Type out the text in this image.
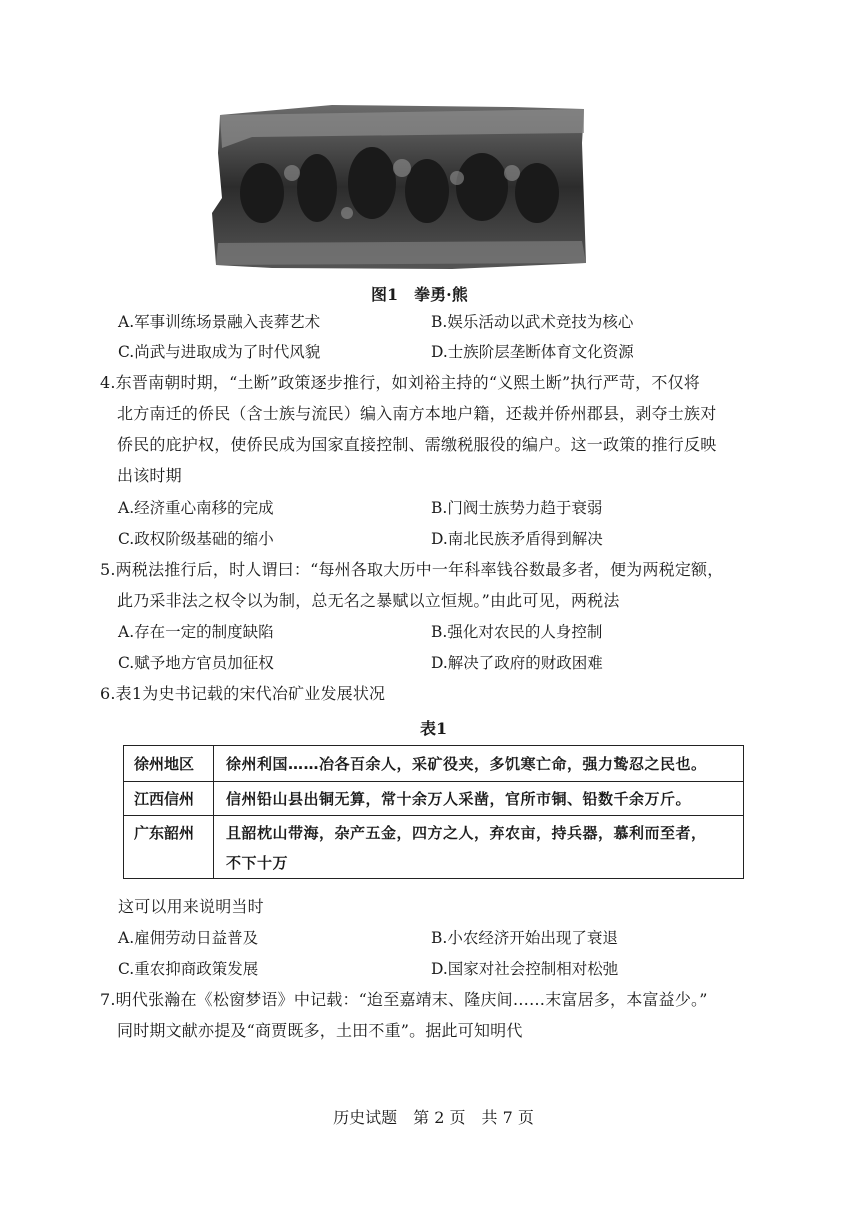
图1　拳勇·熊
A.军事训练场景融入丧葬艺术	B.娱乐活动以武术竞技为核心
C.尚武与进取成为了时代风貌	D.士族阶层垄断体育文化资源
4.东晋南朝时期，“土断”政策逐步推行，如刘裕主持的“义熙土断”执行严苛，不仅将
北方南迁的侨民（含士族与流民）编入南方本地户籍，还裁并侨州郡县，剥夺士族对
侨民的庇护权，使侨民成为国家直接控制、需缴税服役的编户。这一政策的推行反映
出该时期
A.经济重心南移的完成	B.门阀士族势力趋于衰弱
C.政权阶级基础的缩小	D.南北民族矛盾得到解决
5.两税法推行后，时人谓曰：“每州各取大历中一年科率钱谷数最多者，便为两税定额，
此乃采非法之权令以为制，总无名之暴赋以立恒规。”由此可见，两税法
A.存在一定的制度缺陷	B.强化对农民的人身控制
C.赋予地方官员加征权	D.解决了政府的财政困难
6.表1为史书记载的宋代冶矿业发展状况
表1
徐州地区 徐州利国……冶各百余人，采矿役夹，多饥寒亡命，强力鸷忍之民也。
江西信州 信州铅山县出铜无算，常十余万人采凿，官所市铜、铅数千余万斤。
广东韶州 且韶枕山带海，杂产五金，四方之人，弃农亩，持兵器，慕利而至者，
不下十万
这可以用来说明当时
A.雇佣劳动日益普及	B.小农经济开始出现了衰退
C.重农抑商政策发展	D.国家对社会控制相对松弛
7.明代张瀚在《松窗梦语》中记载：“迨至嘉靖末、隆庆间……末富居多，本富益少。”
同时期文献亦提及“商贾既多，土田不重”。据此可知明代
历史试题　第 2 页　共 7 页
